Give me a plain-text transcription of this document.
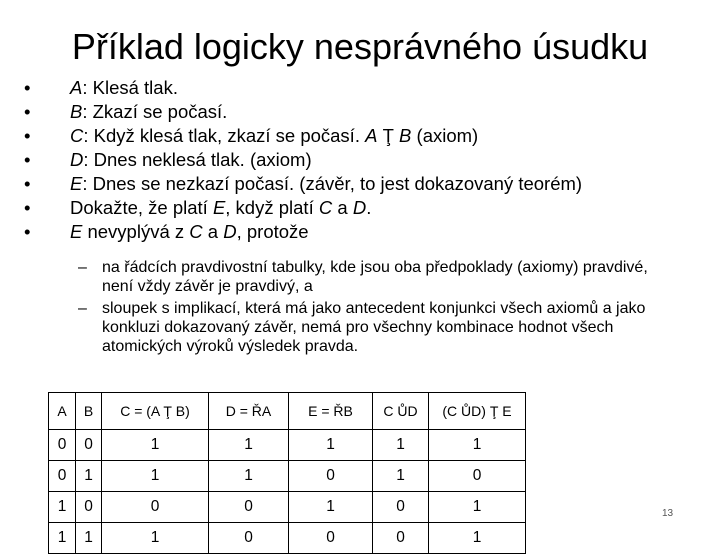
Příklad logicky nesprávného úsudku
•	A: Klesá tlak.
•	B: Zkazí se počasí.
•	C: Když klesá tlak, zkazí se počasí. A Ţ B (axiom)
•	D: Dnes neklesá tlak. (axiom)
•	E: Dnes se nezkazí počasí. (závěr, to jest dokazovaný teorém)
•	Dokažte, že platí E, když platí C a D.
•	E nevyplývá z C a D, protože
– na řádcích pravdivostní tabulky, kde jsou oba předpoklady (axiomy) pravdivé, není vždy závěr je pravdivý, a
– sloupek s implikací, která má jako antecedent konjunkci všech axiomů a jako konkluzi dokazovaný závěr, nemá pro všechny kombinace hodnot všech atomických výroků výsledek pravda.
A	B	C = (A Ţ B)	D = ŘA	E = ŘB	C ŮD	(C ŮD) Ţ E
0	0	1	1	1	1	1
0	1	1	1	0	1	0
1	0	0	0	1	0	1
1	1	1	0	0	0	1
13
